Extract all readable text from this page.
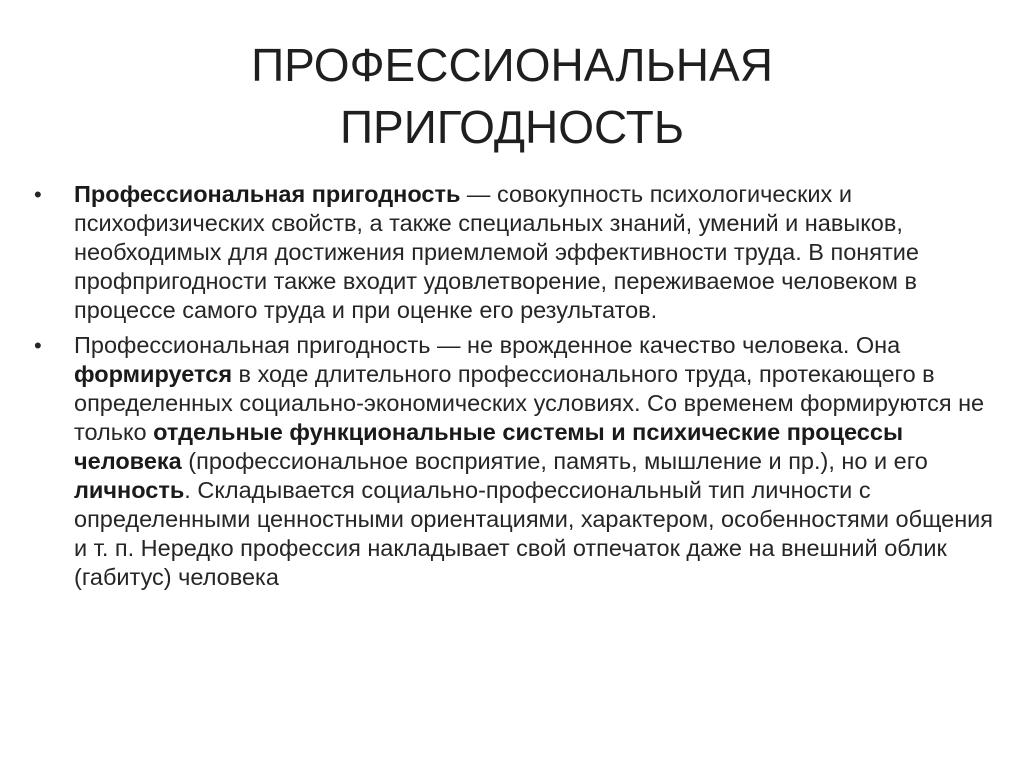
ПРОФЕССИОНАЛЬНАЯ
ПРИГОДНОСТЬ
•	Профессиональная пригодность — совокупность психологических и психофизических свойств, а также специальных знаний, умений и навыков, необходимых для достижения приемлемой эффективности труда. В понятие профпригодности также входит удовлетворение, переживаемое человеком в процессе самого труда и при оценке его результатов.

•	Профессиональная пригодность — не врожденное качество человека. Она формируется в ходе длительного профессионального труда, протекающего в определенных социально-экономических условиях. Со временем формируются не только отдельные функциональные системы и психические процессы человека (профессиональное восприятие, память, мышление и пр.), но и его личность. Складывается социально-профессиональный тип личности с определенными ценностными ориентациями, характером, особенностями общения и т. п. Нередко профессия накладывает свой отпечаток даже на внешний облик (габитус) человека
